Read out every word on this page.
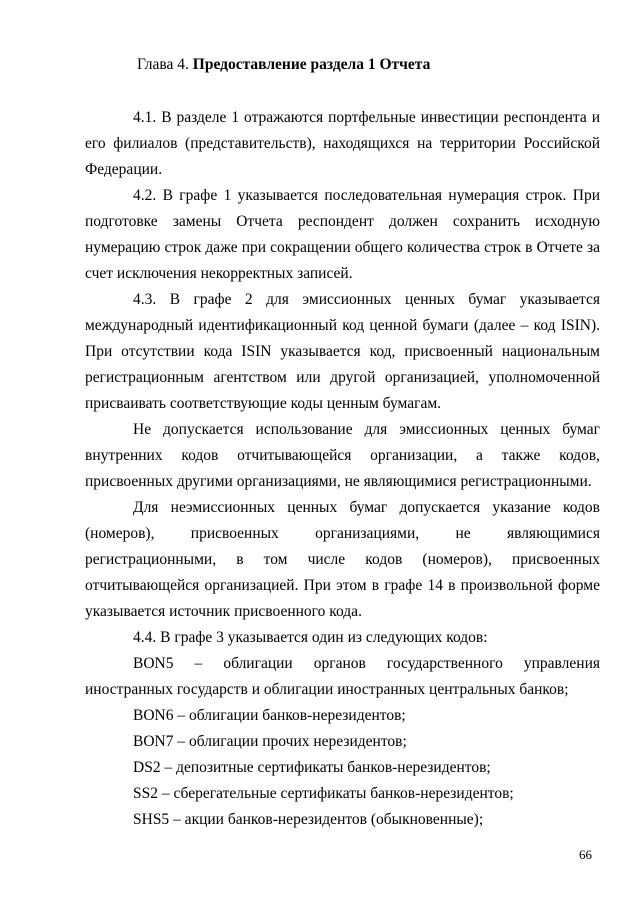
Глава 4. Предоставление раздела 1 Отчета

4.1. В разделе 1 отражаются портфельные инвестиции респондента и его филиалов (представительств), находящихся на территории Российской Федерации.

4.2. В графе 1 указывается последовательная нумерация строк. При подготовке замены Отчета респондент должен сохранить исходную нумерацию строк даже при сокращении общего количества строк в Отчете за счет исключения некорректных записей.

4.3. В графе 2 для эмиссионных ценных бумаг указывается международный идентификационный код ценной бумаги (далее – код ISIN). При отсутствии кода ISIN указывается код, присвоенный национальным регистрационным агентством или другой организацией, уполномоченной присваивать соответствующие коды ценным бумагам.

Не допускается использование для эмиссионных ценных бумаг внутренних кодов отчитывающейся организации, а также кодов, присвоенных другими организациями, не являющимися регистрационными.

Для неэмиссионных ценных бумаг допускается указание кодов (номеров), присвоенных организациями, не являющимися регистрационными, в том числе кодов (номеров), присвоенных отчитывающейся организацией. При этом в графе 14 в произвольной форме указывается источник присвоенного кода.

4.4. В графе 3 указывается один из следующих кодов:

BON5 – облигации органов государственного управления иностранных государств и облигации иностранных центральных банков;

BON6 – облигации банков-нерезидентов;

BON7 – облигации прочих нерезидентов;

DS2 – депозитные сертификаты банков-нерезидентов;

SS2 – сберегательные сертификаты банков-нерезидентов;

SHS5 – акции банков-нерезидентов (обыкновенные);

66
